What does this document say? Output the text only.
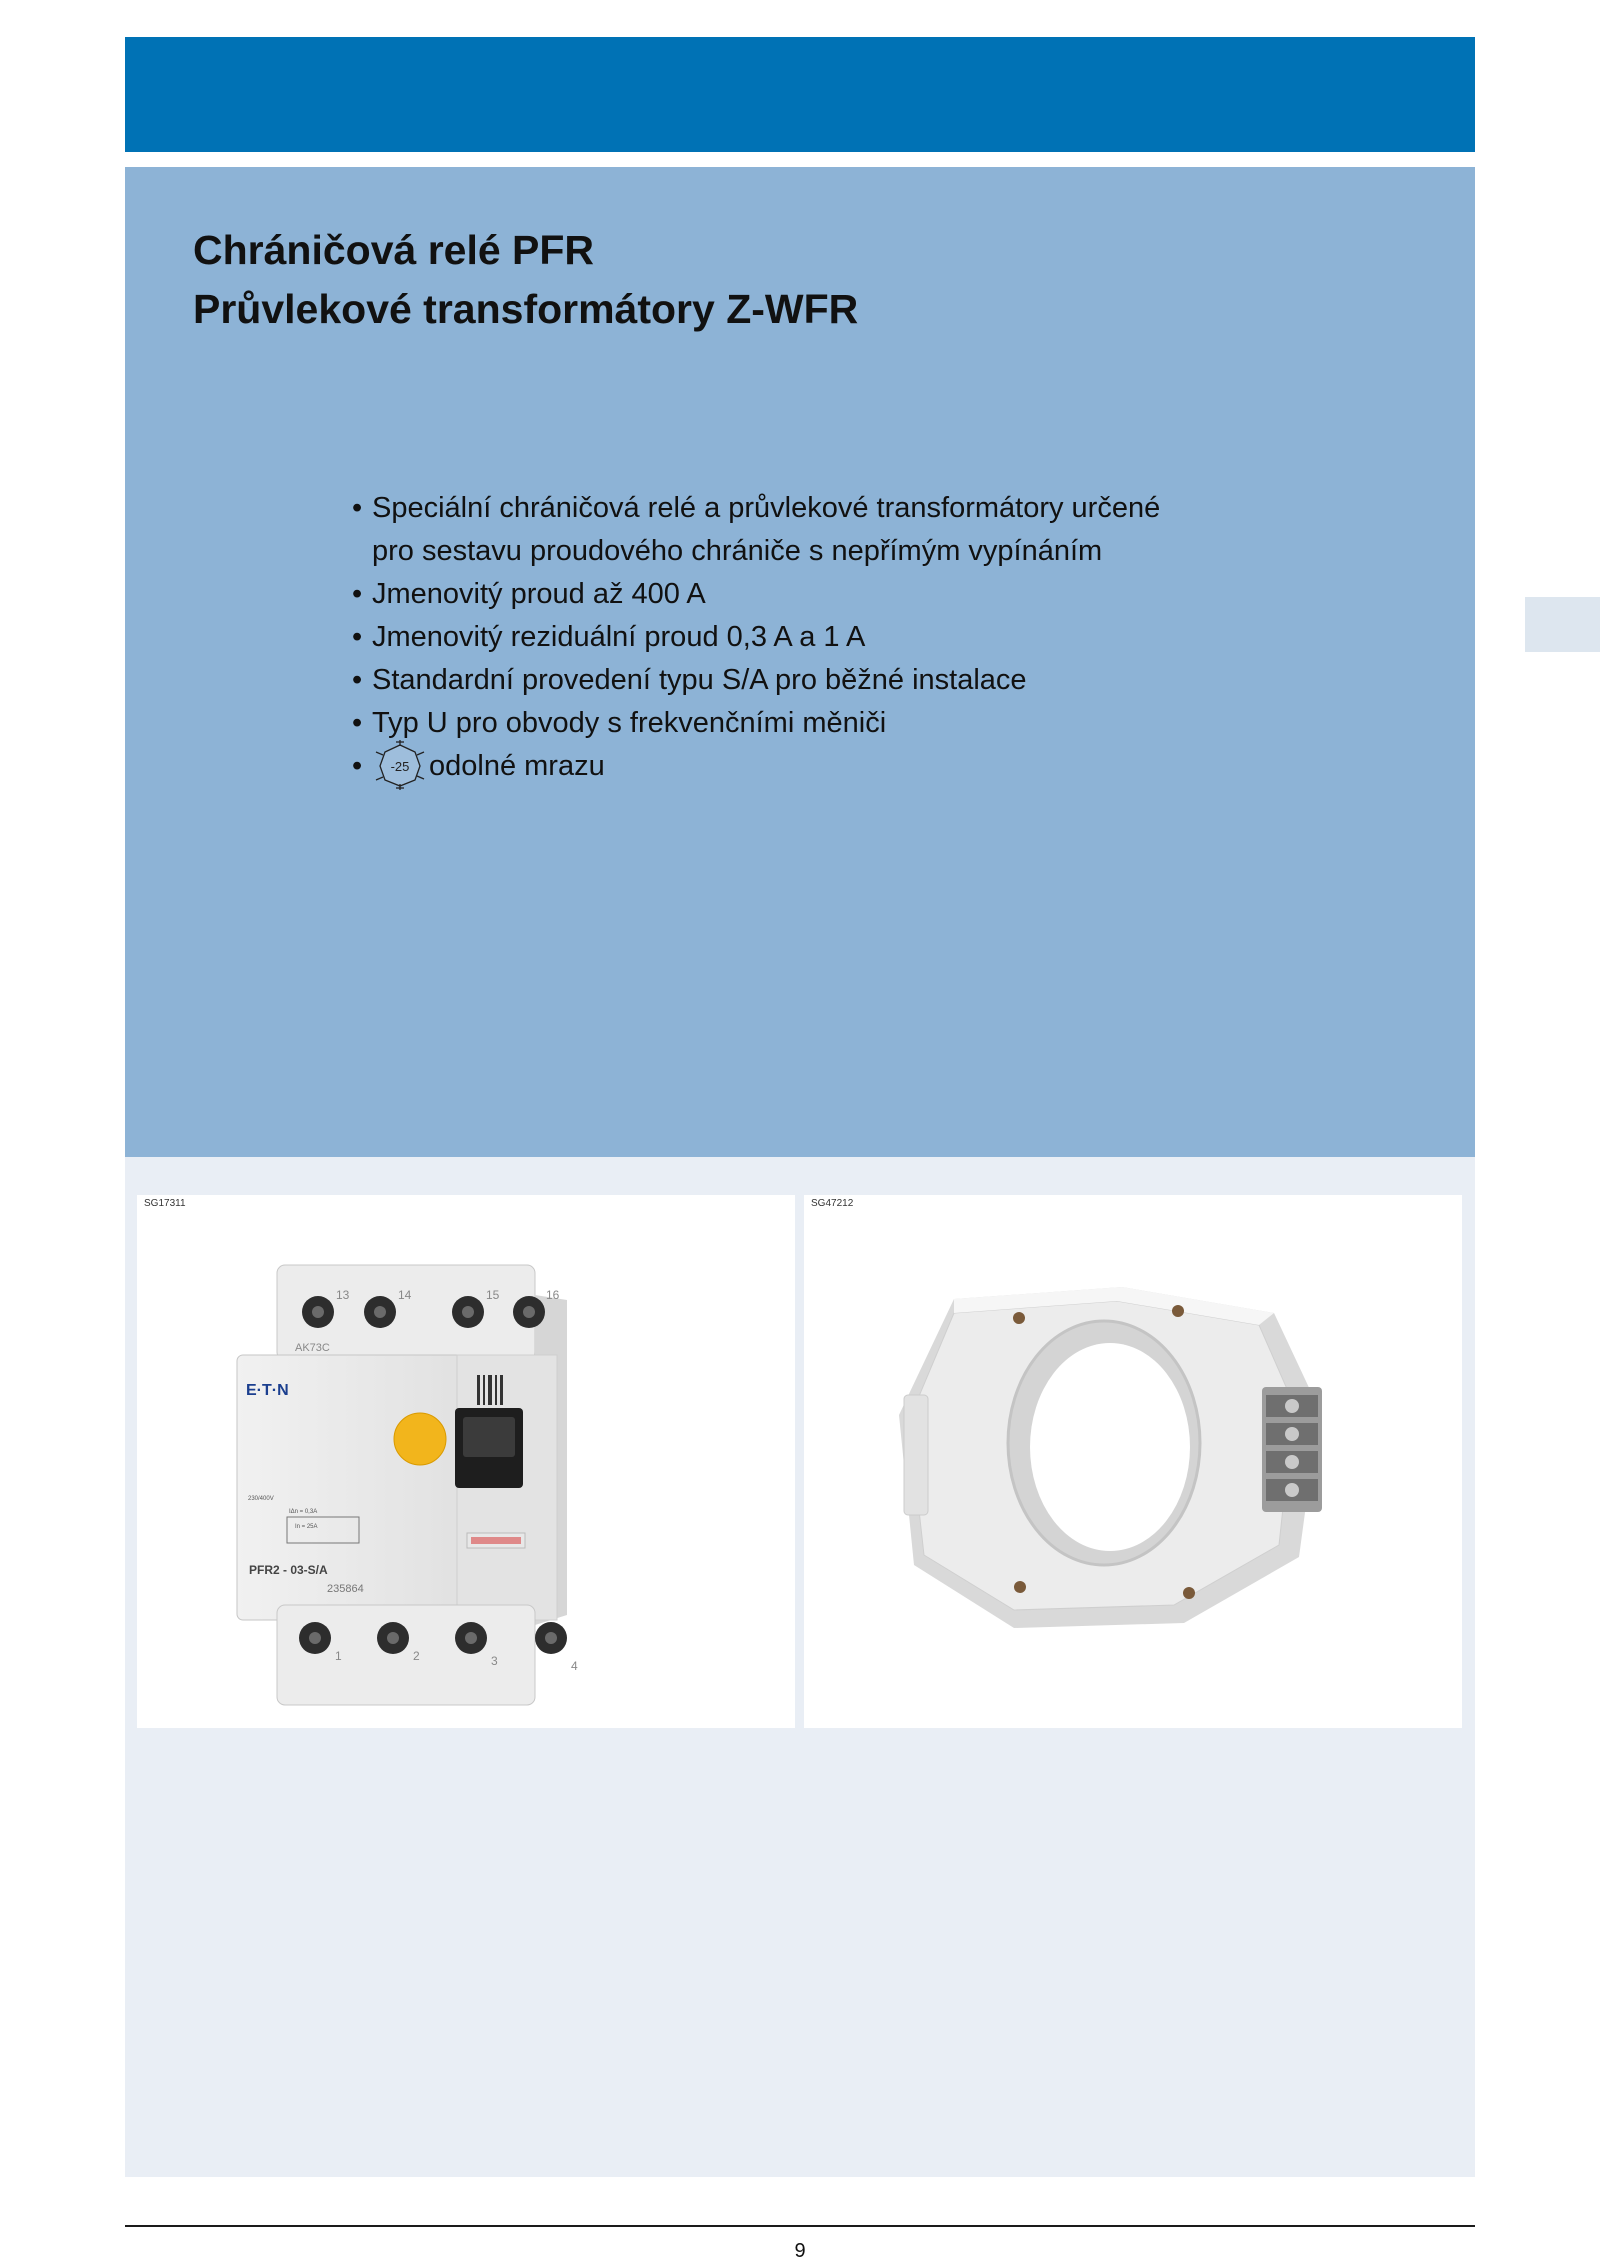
Chráničová relé PFR
Průvlekové transformátory Z-WFR
• Speciální chráničová relé a průvlekové transformátory určené
pro sestavu proudového chrániče s nepřímým vypínáním
• Jmenovitý proud až 400 A
• Jmenovitý reziduální proud 0,3 A a 1 A
• Standardní provedení typu S/A pro běžné instalace
• Typ U pro obvody s frekvenčními měniči
• -25 odolné mrazu
SG17311
13	14	15	16
AK73C
E·T·N
230/400V
IΔn = 0,3A
In = 25A
PFR2 - 03-S/A
235864
1	2	3	4
SG47212
9
